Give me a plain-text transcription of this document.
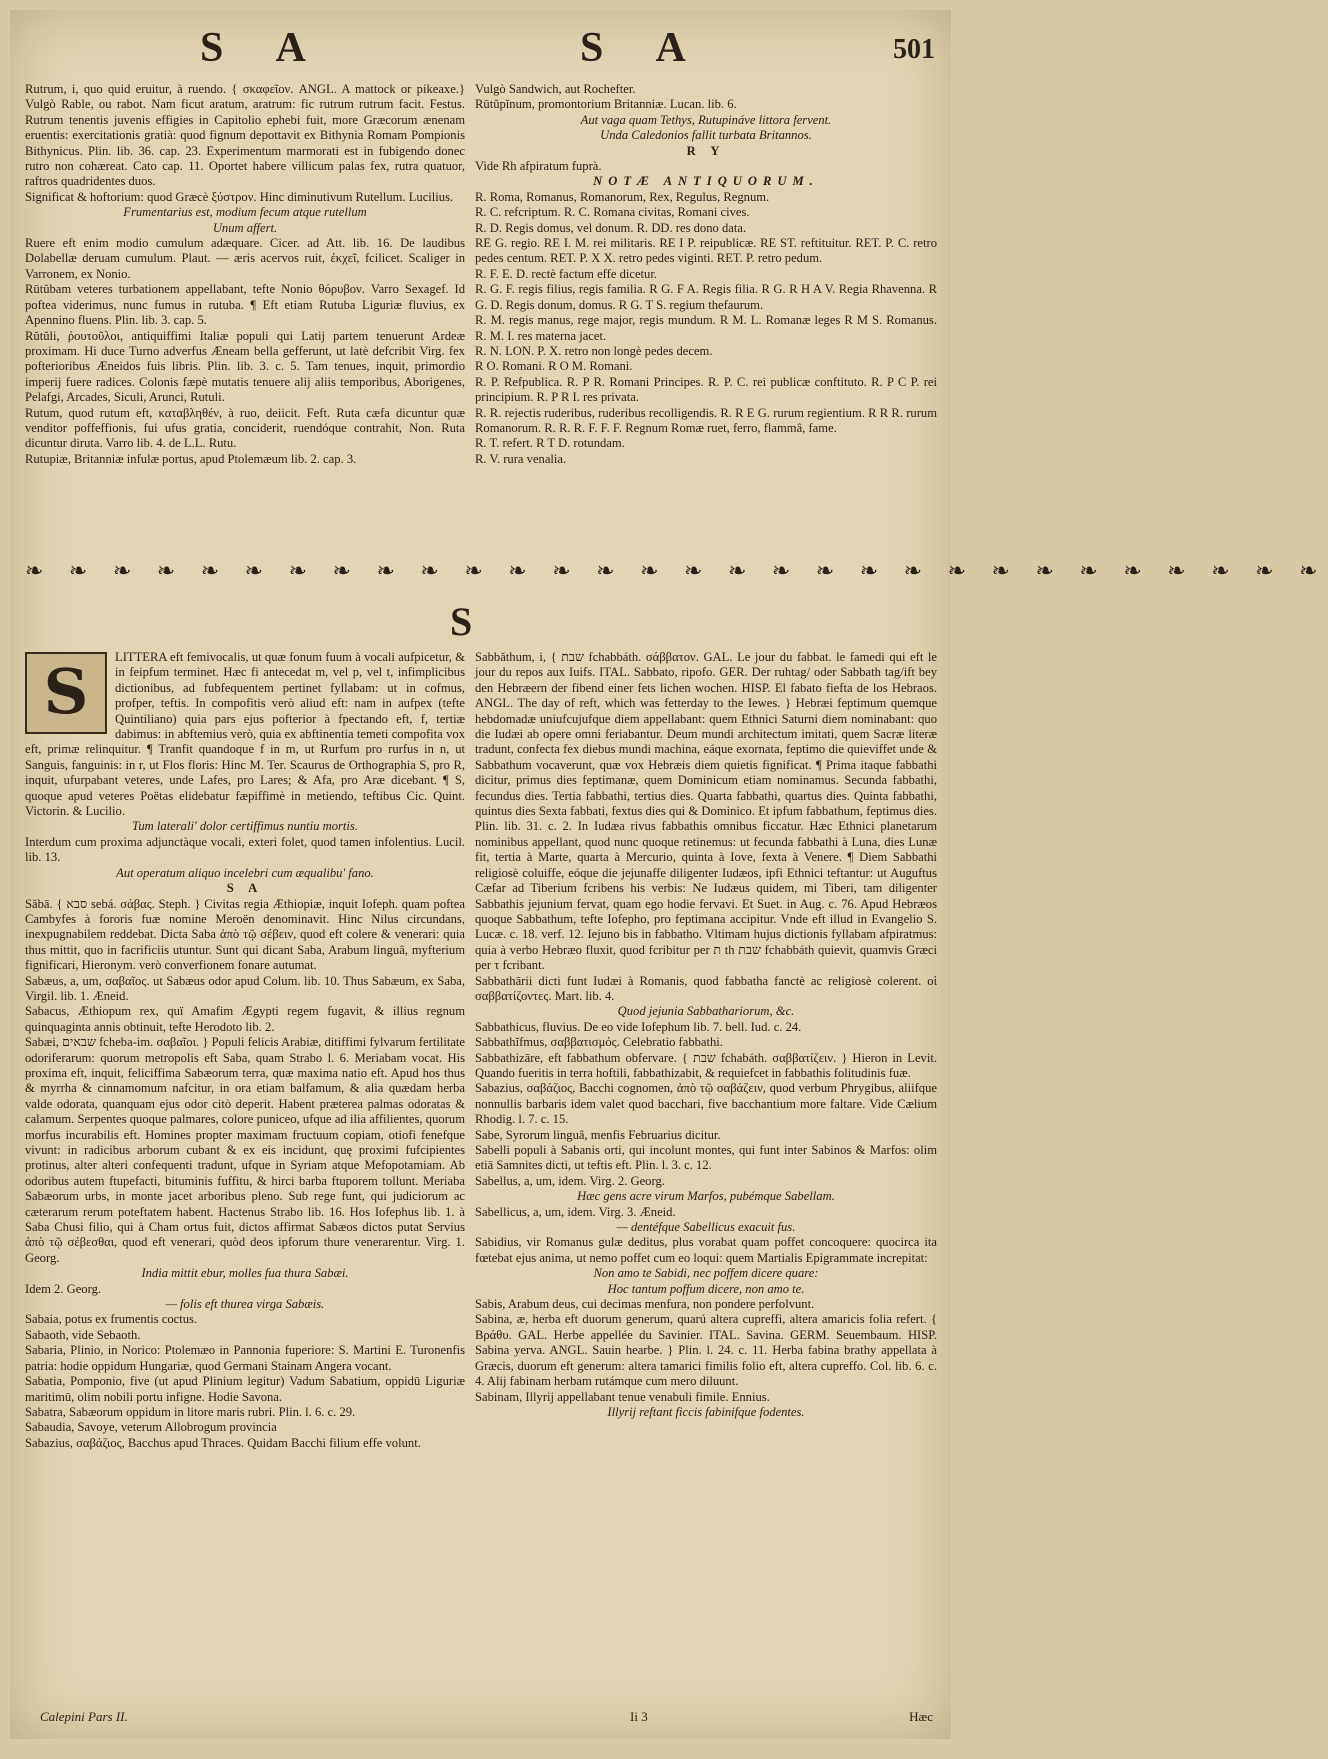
S A	S A	501

Rutrum, i, quo quid eruitur, à ruendo. { σκαφεῖον. ANGL. A mattock or pikeaxe.} Vulgò Rable, ou rabot. Nam ficut aratum, aratrum: fic rutrum rutrum facit. Festus. Rutrum tenentis juvenis effigies in Capitolio ephebi fuit, more Græcorum ænenam eruentis: exercitationis gratià: quod fignum depottavit ex Bithynia Romam Pompionis Bithynicus. Plin. lib. 36. cap. 23. Experimentum marmorati est in fubigendo donec rutro non cohæreat. Cato cap. 11. Oportet habere villicum palas fex, rutra quatuor, raftros quadridentes duos.

Significat & hoftorium: quod Græcè ξύστρον. Hinc diminutivum Rutellum. Lucilius.

Frumentarius est, modium fecum atque rutellum

Unum affert.

Ruere eft enim modio cumulum adæquare. Cicer. ad Att. lib. 16. De laudibus Dolabellæ deruam cumulum. Plaut. — æris acervos ruit, ἐκχεῖ, fcilicet. Scaliger in Varronem, ex Nonio.

Rūtŭbam veteres turbationem appellabant, tefte Nonio θόρυβον. Varro Sexagef. Id poftea viderimus, nunc fumus in rutuba. ¶ Eft etiam Rutuba Liguriæ fluvius, ex Apennino fluens. Plin. lib. 3. cap. 5.

Rŭtŭli, ῥουτοῦλοι, antiquiffimi Italiæ populi qui Latij partem tenuerunt Ardeæ proximam. Hi duce Turno adverfus Æneam bella gefferunt, ut latè defcribit Virg. fex pofterioribus Æneidos fuis libris. Plin. lib. 3. c. 5. Tam tenues, inquit, primordio imperij fuere radices. Colonis fæpè mutatis tenuere alij aliis temporibus, Aborigenes, Pelafgi, Arcades, Siculi, Arunci, Rutuli.

Rutum, quod rutum eft, καταβληθέν, à ruo, deiicit. Feft. Ruta cæfa dicuntur quæ venditor poffeffionis, fui ufus gratia, conciderit, ruendóque contrahit, Non. Ruta dicuntur diruta. Varro lib. 4. de L.L. Rutu.

Rutupiæ, Britanniæ infulæ portus, apud Ptolemæum lib. 2. cap. 3.

Vulgò Sandwich, aut Rochefter.

Rūtŭpĭnum, promontorium Britanniæ. Lucan. lib. 6.

Aut vaga quam Tethys, Rutupináve littora fervent.

Unda Caledonios fallit turbata Britannos.

R Y

Vide Rh afpiratum fuprà.

NOTÆ ANTIQUORUM.

R. Roma, Romanus, Romanorum, Rex, Regulus, Regnum.

R. C. refcriptum. R. C. Romana civitas, Romani cives.

R. D. Regis domus, vel donum. R. DD. res dono data.

RE G. regio. RE I. M. rei militaris. RE I P. reipublicæ. RE ST. reftituitur. RET. P. C. retro pedes centum. RET. P. X X. retro pedes viginti. RET. P. retro pedum.

R. F. E. D. rectè factum effe dicetur.

R. G. F. regis filius, regis familia. R G. F A. Regis filia. R G. R H A V. Regia Rhavenna. R G. D. Regis donum, domus. R G. T S. regium thefaurum.

R. M. regis manus, rege major, regis mundum. R M. L. Romanæ leges R M S. Romanus. R. M. I. res materna jacet.

R. N. LON. P. X. retro non longè pedes decem.

R O. Romani. R O M. Romani.

R. P. Refpublica. R. P R. Romani Principes. R. P. C. rei publicæ conftituto. R. P C P. rei principium. R. P R I. res privata.

R. R. rejectis ruderibus, ruderibus recolligendis. R. R E G. rurum regientium. R R R. rurum Romanorum. R. R. R. F. F. F. Regnum Romæ ruet, ferro, flammâ, fame.

R. T. refert. R T D. rotundam.

R. V. rura venalia.

❧ ❧ ❧ ❧ ❧ ❧ ❧ ❧ ❧ ❧ ❧ ❧ ❧ ❧ ❧ ❧ ❧ ❧ ❧ ❧ ❧ ❧ ❧ ❧ ❧ ❧ ❧ ❧ ❧ ❧
S
S	LITTERA eft femivocalis, ut quæ fonum fuum à vocali aufpicetur, & in feipfum terminet. Hæc fi antecedat m, vel p, vel t, infimplicibus dictionibus, ad fubfequentem pertinet fyllabam: ut in cofmus, profper, teftis. In compofitis verò aliud eft: nam in aufpex (tefte Quintiliano) quia pars ejus pofterior à fpectando eft, f, tertiæ dabimus: in abftemius verò, quia ex abftinentia temeti compofita vox eft, primæ relinquitur. ¶ Tranfit quandoque f in m, ut Rurfum pro rurfus in n, ut Sanguis, fanguinis: in r, ut Flos floris: Hinc M. Ter. Scaurus de Orthographia S, pro R, inquit, ufurpabant veteres, unde Lafes, pro Lares; & Afa, pro Aræ dicebant. ¶ S, quoque apud veteres Poëtas elidebatur fæpiffimè in metiendo, teftibus Cic. Quint. Victorin. & Lucilio.

Tum laterali' dolor certiffimus nuntiu mortis.

Interdum cum proxima adjunctàque vocali, exteri folet, quod tamen infolentius. Lucil. lib. 13.

Aut operatum aliquo incelebri cum æqualibu' fano.

S A

Săbā. { סבא sebá. σάβας. Steph. } Civitas regia Æthiopiæ, inquit Iofeph. quam poftea Cambyfes à fororis fuæ nomine Meroën denominavit. Hinc Nilus circundans, inexpugnabilem reddebat. Dicta Saba ἀπὸ τῷ σέβειν, quod eft colere & venerari: quia thus mittit, quo in facrificiis utuntur. Sunt qui dicant Saba, Arabum linguâ, myfterium fignificari, Hieronym. verò converfionem fonare autumat.

Sabæus, a, um, σαβαῖος. ut Sabæus odor apud Colum. lib. 10. Thus Sabæum, ex Saba, Virgil. lib. 1. Æneid.

Sabacus, Æthiopum rex, quï Amafim Ægypti regem fugavit, & illius regnum quinquaginta annis obtinuit, tefte Herodoto lib. 2.

Sabæi, שבאים fcheba-im. σαβαῖοι. } Populi felicis Arabiæ, ditiffimi fylvarum fertilitate odoriferarum: quorum metropolis eft Saba, quam Strabo l. 6. Meriabam vocat. His proxima eft, inquit, feliciffima Sabæorum terra, quæ maxima natio eft. Apud hos thus & myrrha & cinnamomum nafcitur, in ora etiam balfamum, & alia quædam herba valde odorata, quanquam ejus odor citò deperit. Habent præterea palmas odoratas & calamum. Serpentes quoque palmares, colore puniceo, ufque ad ilia affilientes, quorum morfus incurabilis eft. Homines propter maximam fructuum copiam, otiofi fenefque vivunt: in radicibus arborum cubant & ex eis incidunt, quę proximi fufcipientes protinus, alter alteri confequenti tradunt, ufque in Syriam atque Mefopotamiam. Ab odoribus autem ftupefacti, bituminis fuffitu, & hirci barba ftuporem tollunt. Meriaba Sabæorum urbs, in monte jacet arboribus pleno. Sub rege funt, qui judiciorum ac cæterarum rerum poteftatem habent. Hactenus Strabo lib. 16. Hos Iofephus lib. 1. à Saba Chusi filio, qui à Cham ortus fuit, dictos affirmat Sabæos dictos putat Servius ἀπὸ τῷ σέβεσθαι, quod eft venerari, quòd deos ipforum thure venerarentur. Virg. 1. Georg.

India mittit ebur, molles fua thura Sabæi.

Idem 2. Georg.

— folis eft thurea virga Sabæis.

Sabaia, potus ex frumentis coctus.

Sabaoth, vide Sebaoth.

Sabaria, Plinio, in Norico: Ptolemæo in Pannonia fuperiore: S. Martini E. Turonenfis patria: hodie oppidum Hungariæ, quod Germani Stainam Angera vocant.

Sabatia, Pomponio, five (ut apud Plinium legitur) Vadum Sabatium, oppidū Liguriæ maritimū, olim nobili portu infigne. Hodie Savona.

Sabatra, Sabæorum oppidum in litore maris rubri. Plin. l. 6. c. 29.

Sabaudia, Savoye, veterum Allobrogum provincia

Sabazius, σαβάζιος, Bacchus apud Thraces. Quidam Bacchi filium effe volunt.

Sabbăthum, i, { שבת fchabbáth. σάββατον. GAL. Le jour du fabbat. le famedi qui eft le jour du repos aux Iuifs. ITAL. Sabbato, ripofo. GER. Der ruhtag/ oder Sabbath tag/ift bey den Hebræern der fibend einer fets lichen wochen. HISP. El fabato fiefta de los Hebraos. ANGL. The day of reft, which was fetterday to the Iewes. } Hebræi feptimum quemque hebdomadæ uniufcujufque diem appellabant: quem Ethnici Saturni diem nominabant: quo die Iudæi ab opere omni feriabantur. Deum mundi architectum imitati, quem Sacræ literæ tradunt, confecta fex diebus mundi machina, eáque exornata, feptimo die quieviffet unde & Sabbathum vocaverunt, quæ vox Hebræis diem quietis fignificat. ¶ Prima itaque fabbathi dicitur, primus dies feptimanæ, quem Dominicum etiam nominamus. Secunda fabbathi, fecundus dies. Tertia fabbathi, tertius dies. Quarta fabbathi, quartus dies. Quinta fabbathi, quintus dies Sexta fabbati, fextus dies qui & Dominico. Et ipfum fabbathum, feptimus dies. Plin. lib. 31. c. 2. In Iudæa rivus fabbathis omnibus ficcatur. Hæc Ethnici planetarum nominibus appellant, quod nunc quoque retinemus: ut fecunda fabbathi à Luna, dies Lunæ fit, tertia à Marte, quarta à Mercurio, quinta à Iove, fexta à Venere. ¶ Diem Sabbathi religiosè coluiffe, eóque die jejunaffe diligenter Iudæos, ipfi Ethnici teftantur: ut Auguftus Cæfar ad Tiberium fcribens his verbis: Ne Iudæus quidem, mi Tiberi, tam diligenter Sabbathis jejunium fervat, quam ego hodie fervavi. Et Suet. in Aug. c. 76. Apud Hebræos quoque Sabbathum, tefte Iofepho, pro feptimana accipitur. Vnde eft illud in Evangelio S. Lucæ. c. 18. verf. 12. Iejuno bis in fabbatho. Vltimam hujus dictionis fyllabam afpiratmus: quia à verbo Hebræo fluxit, quod fcribitur per ת th שבת fchabbáth quievit, quamvis Græci per τ fcribant.

Sabbathārii dicti funt Iudæi à Romanis, quod fabbatha fanctè ac religiosè colerent. οἱ σαββατίζοντες. Mart. lib. 4.

Quod jejunia Sabbathariorum, &c.

Sabbathicus, fluvius. De eo vide Iofephum lib. 7. bell. Iud. c. 24.

Sabbathĭfmus, σαββατισμός. Celebratio fabbathi.

Sabbathizāre, eft fabbathum obfervare. { שבת fchabáth. σαββατίζειν. } Hieron in Levit. Quando fueritis in terra hoftili, fabbathizabit, & requiefcet in fabbathis folitudinis fuæ.

Sabazius, σαβάζιος, Bacchi cognomen, ἀπὸ τῷ σαβάζειν, quod verbum Phrygibus, aliifque nonnullis barbaris idem valet quod bacchari, five bacchantium more faltare. Vide Cælium Rhodig. l. 7. c. 15.

Sabe, Syrorum linguâ, menfis Februarius dicitur.

Sabelli populi à Sabanis orti, qui incolunt montes, qui funt inter Sabinos & Marfos: olim etiā Samnites dicti, ut teftis eft. Plin. l. 3. c. 12.

Sabellus, a, um, idem. Virg. 2. Georg.

Hæc gens acre virum Marfos, pubémque Sabellam.

Sabellicus, a, um, idem. Virg. 3. Æneid.

— dentéfque Sabellicus exacuit fus.

Sabidius, vir Romanus gulæ deditus, plus vorabat quam poffet concoquere: quocirca ita fœtebat ejus anima, ut nemo poffet cum eo loqui: quem Martialis Epigrammate increpitat:

Non amo te Sabidi, nec poffem dicere quare:

Hoc tantum poffum dicere, non amo te.

Sabis, Arabum deus, cui decimas menfura, non pondere perfolvunt.

Sabina, æ, herba eft duorum generum, quarú altera cupreffi, altera amaricis folia refert. { Βράθυ. GAL. Herbe appellée du Savinier. ITAL. Savina. GERM. Seuembaum. HISP. Sabina yerva. ANGL. Sauin hearbe. } Plin. l. 24. c. 11. Herba fabina brathy appellata à Græcis, duorum eft generum: altera tamarici fimilis folio eft, altera cupreffo. Col. lib. 6. c. 4. Alij fabinam herbam rutámque cum mero diluunt.

Sabinam, Illyrij appellabant tenue venabuli fimile. Ennius.

Illyrij reftant ficcis fabinifque fodentes.

Calepini Pars II.	Ii 3	Hæc
